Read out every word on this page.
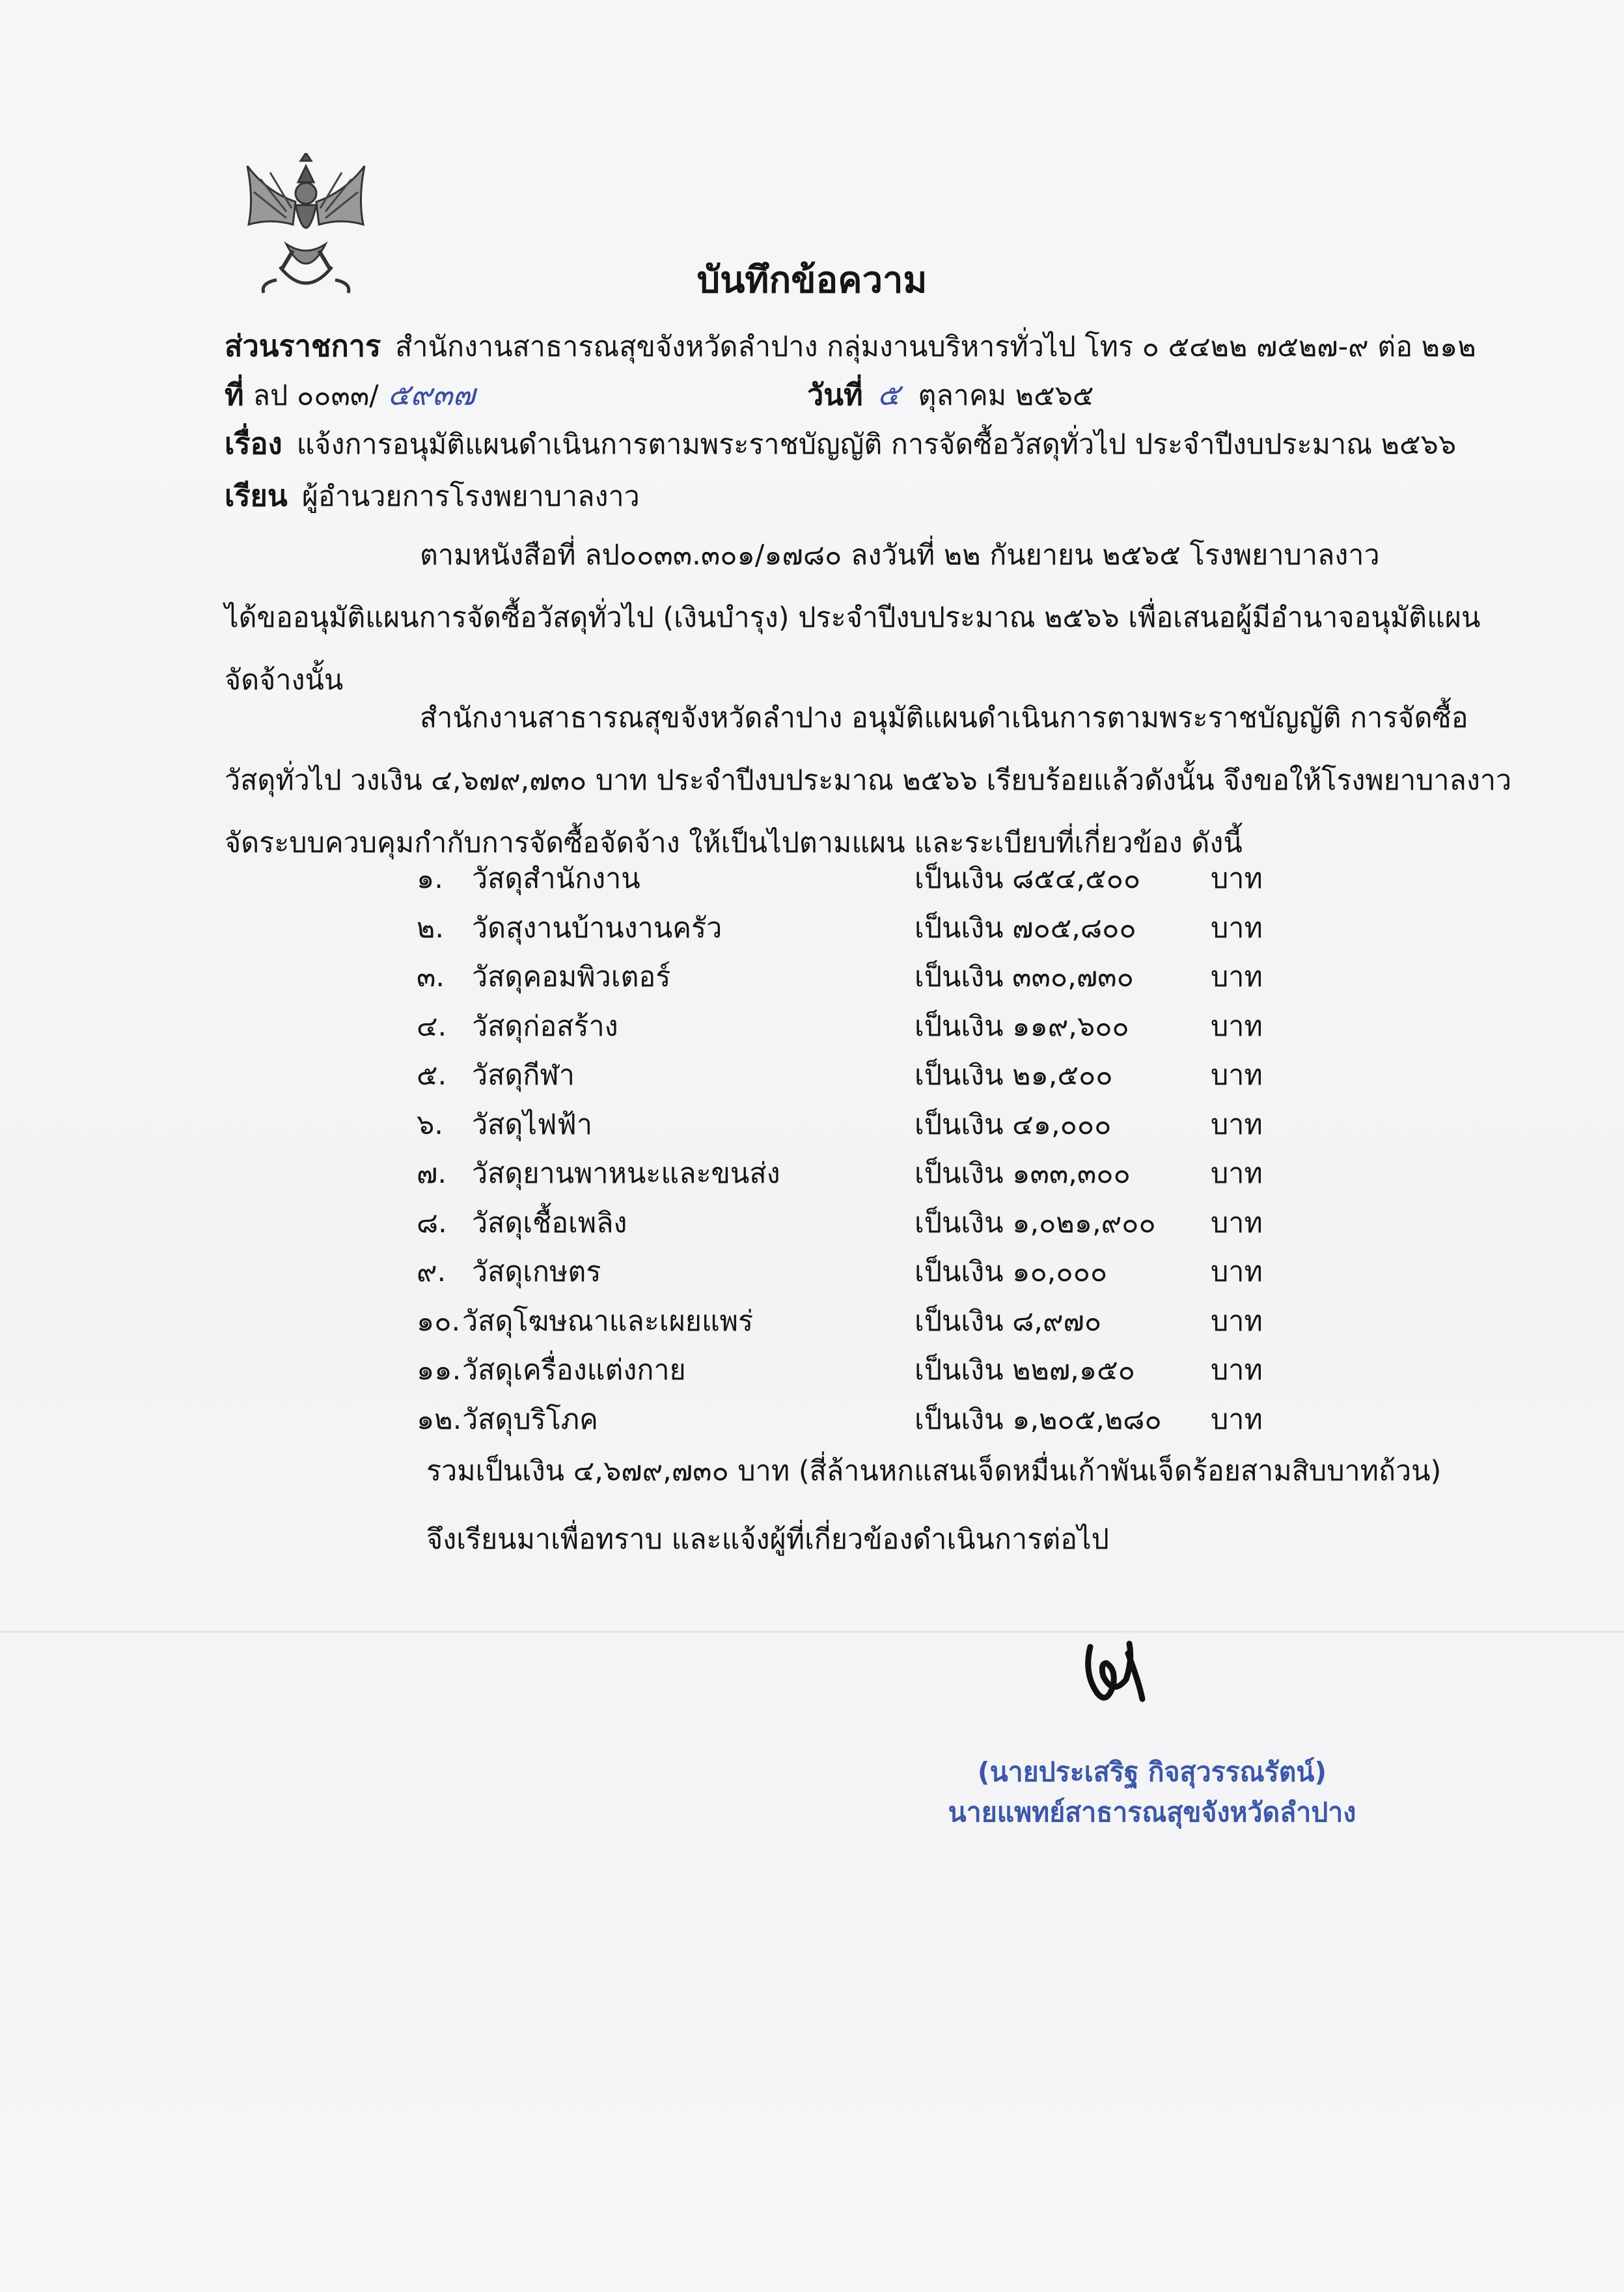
บันทึกข้อความ
ส่วนราชการ สำนักงานสาธารณสุขจังหวัดลำปาง กลุ่มงานบริหารทั่วไป โทร ๐ ๕๔๒๒ ๗๕๒๗-๙ ต่อ ๒๑๒
ที่ ลป ๐๐๓๓/ ๕๙๓๗	วันที่ ๕ ตุลาคม ๒๕๖๕
เรื่อง แจ้งการอนุมัติแผนดำเนินการตามพระราชบัญญัติ การจัดซื้อวัสดุทั่วไป ประจำปีงบประมาณ ๒๕๖๖
เรียน ผู้อำนวยการโรงพยาบาลงาว
ตามหนังสือที่ ลป๐๐๓๓.๓๐๑/๑๗๘๐ ลงวันที่ ๒๒ กันยายน ๒๕๖๕ โรงพยาบาลงาว
ได้ขออนุมัติแผนการจัดซื้อวัสดุทั่วไป (เงินบำรุง) ประจำปีงบประมาณ ๒๕๖๖ เพื่อเสนอผู้มีอำนาจอนุมัติแผน
จัดจ้างนั้น
สำนักงานสาธารณสุขจังหวัดลำปาง อนุมัติแผนดำเนินการตามพระราชบัญญัติ การจัดซื้อ
วัสดุทั่วไป วงเงิน ๔,๖๗๙,๗๓๐ บาท ประจำปีงบประมาณ ๒๕๖๖ เรียบร้อยแล้วดังนั้น จึงขอให้โรงพยาบาลงาว
จัดระบบควบคุมกำกับการจัดซื้อจัดจ้าง ให้เป็นไปตามแผน และระเบียบที่เกี่ยวข้อง ดังนี้
๑. วัสดุสำนักงาน	เป็นเงิน ๘๕๔,๕๐๐	บาท
๒. วัดสุงานบ้านงานครัว	เป็นเงิน ๗๐๕,๘๐๐	บาท
๓. วัสดุคอมพิวเตอร์	เป็นเงิน ๓๓๐,๗๓๐	บาท
๔. วัสดุก่อสร้าง	เป็นเงิน ๑๑๙,๖๐๐	บาท
๕. วัสดุกีฬา	เป็นเงิน ๒๑,๕๐๐	บาท
๖. วัสดุไฟฟ้า	เป็นเงิน ๔๑,๐๐๐	บาท
๗. วัสดุยานพาหนะและขนส่ง	เป็นเงิน ๑๓๓,๓๐๐	บาท
๘. วัสดุเชื้อเพลิง	เป็นเงิน ๑,๐๒๑,๙๐๐ บาท
๙. วัสดุเกษตร	เป็นเงิน ๑๐,๐๐๐	บาท
๑๐. วัสดุโฆษณาและเผยแพร่	เป็นเงิน ๘,๙๗๐	บาท
๑๑. วัสดุเครื่องแต่งกาย	เป็นเงิน ๒๒๗,๑๕๐	บาท
๑๒. วัสดุบริโภค	เป็นเงิน ๑,๒๐๕,๒๘๐ บาท
รวมเป็นเงิน ๔,๖๗๙,๗๓๐ บาท (สี่ล้านหกแสนเจ็ดหมื่นเก้าพันเจ็ดร้อยสามสิบบาทถ้วน)
จึงเรียนมาเพื่อทราบ และแจ้งผู้ที่เกี่ยวข้องดำเนินการต่อไป
(นายประเสริฐ กิจสุวรรณรัตน์)
นายแพทย์สาธารณสุขจังหวัดลำปาง
